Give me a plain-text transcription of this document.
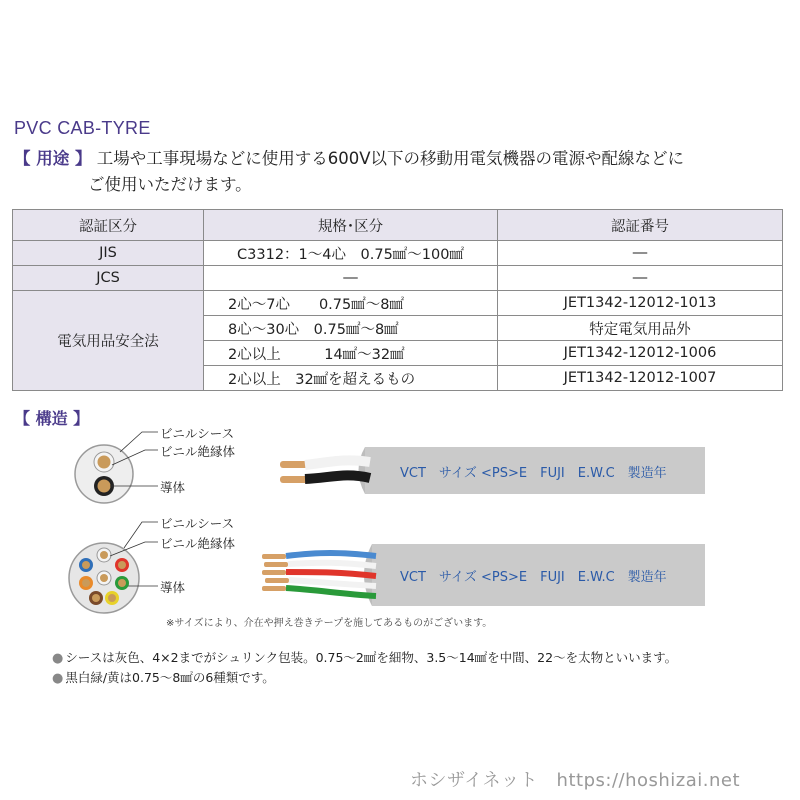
PVC CAB-TYRE
【 用途 】 工場や工事現場などに使用する600V以下の移動用電気機器の電源や配線などに
ご使用いただけます。
認証区分	規格･区分	認証番号
JIS	C3312：1～4心　0.75㎟～100㎟	―
JCS	―	―
電気用品安全法	2心～7心　　0.75㎟～8㎟	JET1342-12012-1013
	8心～30心　0.75㎟～8㎟	特定電気用品外
	2心以上　　　14㎟～32㎟	JET1342-12012-1006
	2心以上　32㎟を超えるもの	JET1342-12012-1007
【 構造 】
ビニルシース
ビニル絶縁体
導体
VCT　サイズ <PS>E　FUJI　E.W.C　製造年
ビニルシース
ビニル絶縁体
導体
VCT　サイズ <PS>E　FUJI　E.W.C　製造年
※サイズにより、介在や押え巻きテープを施してあるものがございます。
● シースは灰色、4×2までがシュリンク包装。0.75～2㎟を細物、3.5～14㎟を中間、22～を太物といいます。
● 黒白緑/黄は0.75～8㎟の6種類です。
ホシザイネット　https://hoshizai.net
